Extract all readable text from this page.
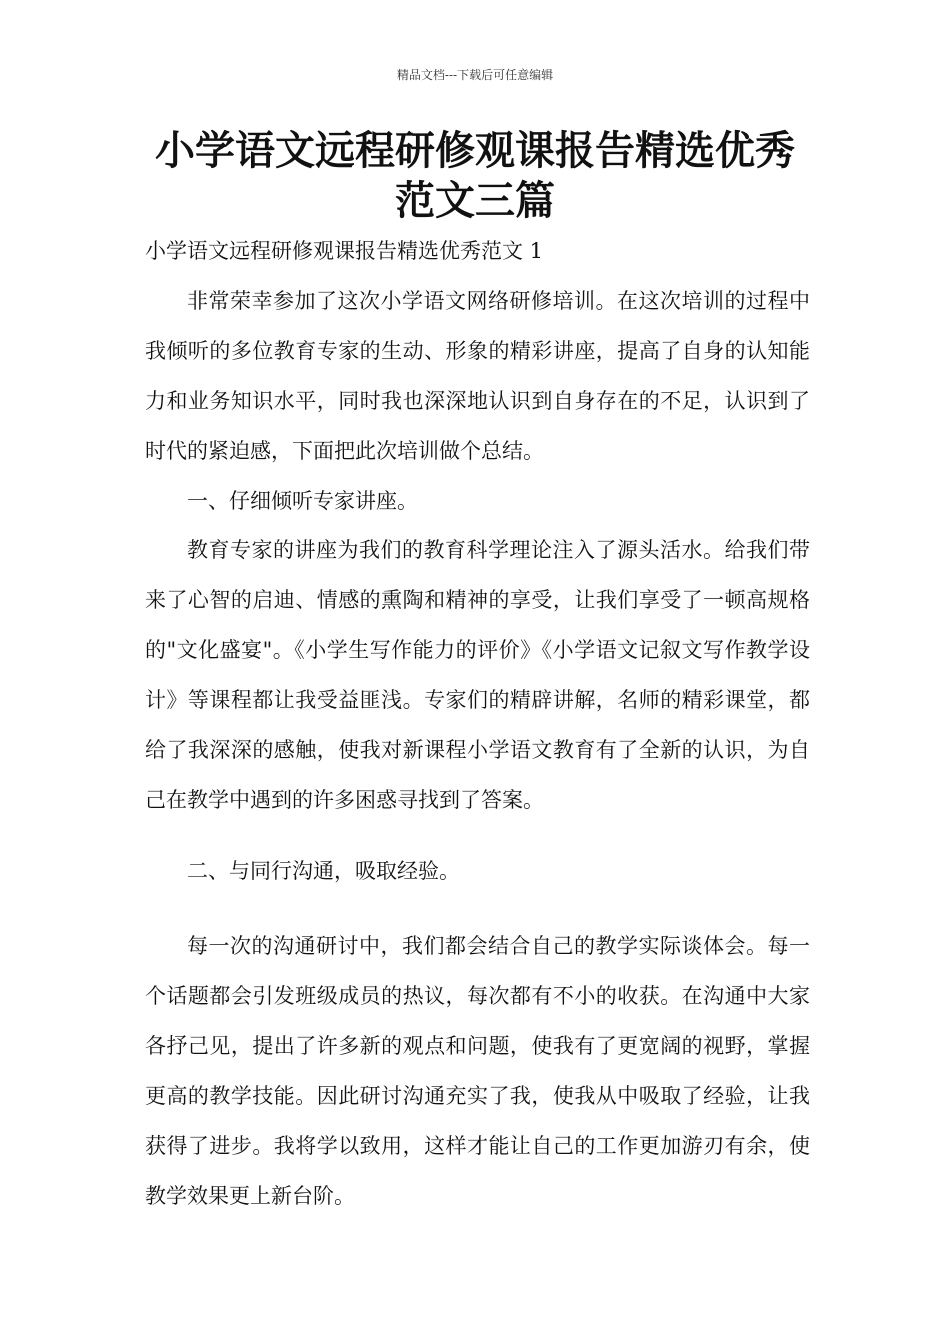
精品文档---下载后可任意编辑
小学语文远程研修观课报告精选优秀范文三篇
小学语文远程研修观课报告精选优秀范文 1

非常荣幸参加了这次小学语文网络研修培训。在这次培训的过程中我倾听的多位教育专家的生动、形象的精彩讲座，提高了自身的认知能力和业务知识水平，同时我也深深地认识到自身存在的不足，认识到了时代的紧迫感，下面把此次培训做个总结。

一、仔细倾听专家讲座。

教育专家的讲座为我们的教育科学理论注入了源头活水。给我们带来了心智的启迪、情感的熏陶和精神的享受，让我们享受了一顿高规格的"文化盛宴"。《小学生写作能力的评价》《小学语文记叙文写作教学设计》等课程都让我受益匪浅。专家们的精辟讲解，名师的精彩课堂，都给了我深深的感触，使我对新课程小学语文教育有了全新的认识，为自己在教学中遇到的许多困惑寻找到了答案。

二、与同行沟通，吸取经验。

每一次的沟通研讨中，我们都会结合自己的教学实际谈体会。每一个话题都会引发班级成员的热议，每次都有不小的收获。在沟通中大家各抒己见，提出了许多新的观点和问题，使我有了更宽阔的视野，掌握更高的教学技能。因此研讨沟通充实了我，使我从中吸取了经验，让我获得了进步。我将学以致用，这样才能让自己的工作更加游刃有余，使教学效果更上新台阶。
